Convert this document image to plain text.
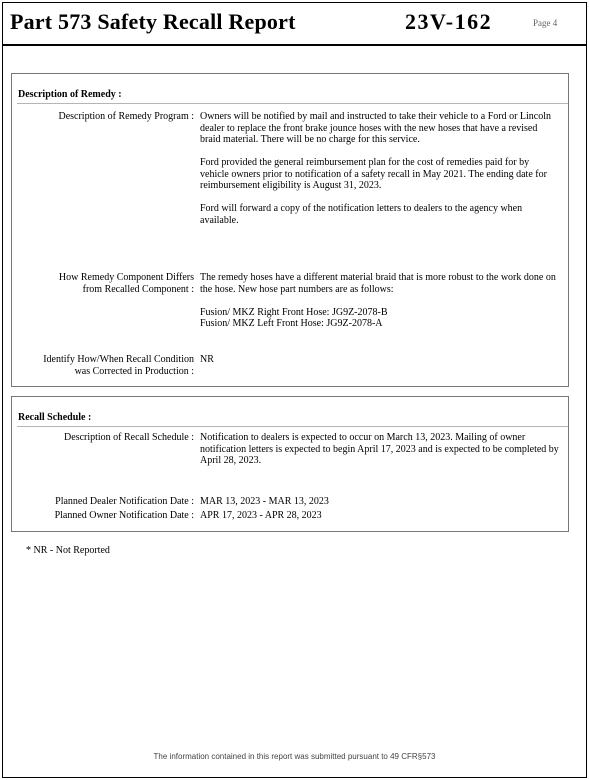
Part 573 Safety Recall Report	23V-162	Page 4
Description of Remedy :
Description of Remedy Program : Owners will be notified by mail and instructed to take their vehicle to a Ford or Lincoln dealer to replace the front brake jounce hoses with the new hoses that have a revised braid material. There will be no charge for this service.

Ford provided the general reimbursement plan for the cost of remedies paid for by vehicle owners prior to notification of a safety recall in May 2021. The ending date for reimbursement eligibility is August 31, 2023.

Ford will forward a copy of the notification letters to dealers to the agency when available.

How Remedy Component Differs
from Recalled Component :

The remedy hoses have a different material braid that is more robust to the work done on the hose. New hose part numbers are as follows:

Fusion/ MKZ Right Front Hose: JG9Z-2078-B
Fusion/ MKZ Left Front Hose: JG9Z-2078-A
Identify How/When Recall Condition
was Corrected in Production :
NR
Recall Schedule :
Description of Recall Schedule : Notification to dealers is expected to occur on March 13, 2023. Mailing of owner notification letters is expected to begin April 17, 2023 and is expected to be completed by April 28, 2023.
Planned Dealer Notification Date : MAR 13, 2023 - MAR 13, 2023
Planned Owner Notification Date : APR 17, 2023 - APR 28, 2023
* NR - Not Reported
The information contained in this report was submitted pursuant to 49 CFR§573
